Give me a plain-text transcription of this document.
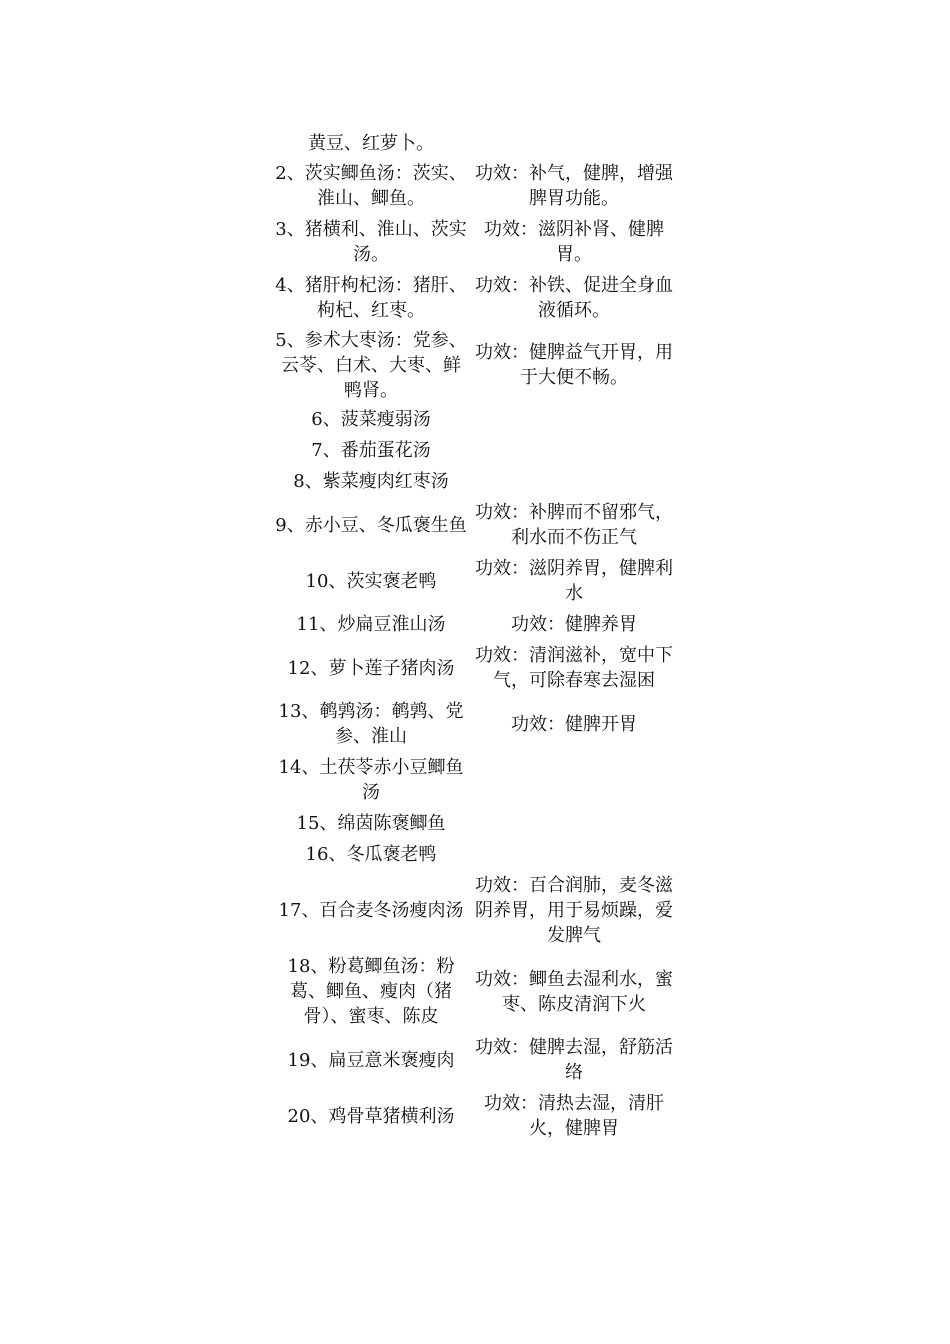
黄豆、红萝卜。
2、茨实鲫鱼汤：茨实、淮山、鲫鱼。
功效：补气，健脾，增强脾胃功能。
3、猪横利、淮山、茨实汤。
功效：滋阴补肾、健脾胃。
4、猪肝枸杞汤：猪肝、枸杞、红枣。
功效：补铁、促进全身血液循环。
5、参术大枣汤：党参、云苓、白术、大枣、鲜鸭肾。
功效：健脾益气开胃，用于大便不畅。
6、菠菜瘦弱汤
7、番茄蛋花汤
8、紫菜瘦肉红枣汤
9、赤小豆、冬瓜褒生鱼
功效：补脾而不留邪气，利水而不伤正气
10、茨实褒老鸭
功效：滋阴养胃，健脾利水
11、炒扁豆淮山汤	功效：健脾养胃
12、萝卜莲子猪肉汤
功效：清润滋补，宽中下气，可除春寒去湿困
13、鹌鹑汤：鹌鹑、党参、淮山
功效：健脾开胃
14、土茯苓赤小豆鲫鱼汤
15、绵茵陈褒鲫鱼
16、冬瓜褒老鸭
17、百合麦冬汤瘦肉汤
功效：百合润肺，麦冬滋阴养胃，用于易烦躁，爱发脾气
18、粉葛鲫鱼汤：粉葛、鲫鱼、瘦肉（猪骨）、蜜枣、陈皮
功效：鲫鱼去湿利水，蜜枣、陈皮清润下火
19、扁豆意米褒瘦肉
功效：健脾去湿，舒筋活络
20、鸡骨草猪横利汤
功效：清热去湿，清肝火，健脾胃
